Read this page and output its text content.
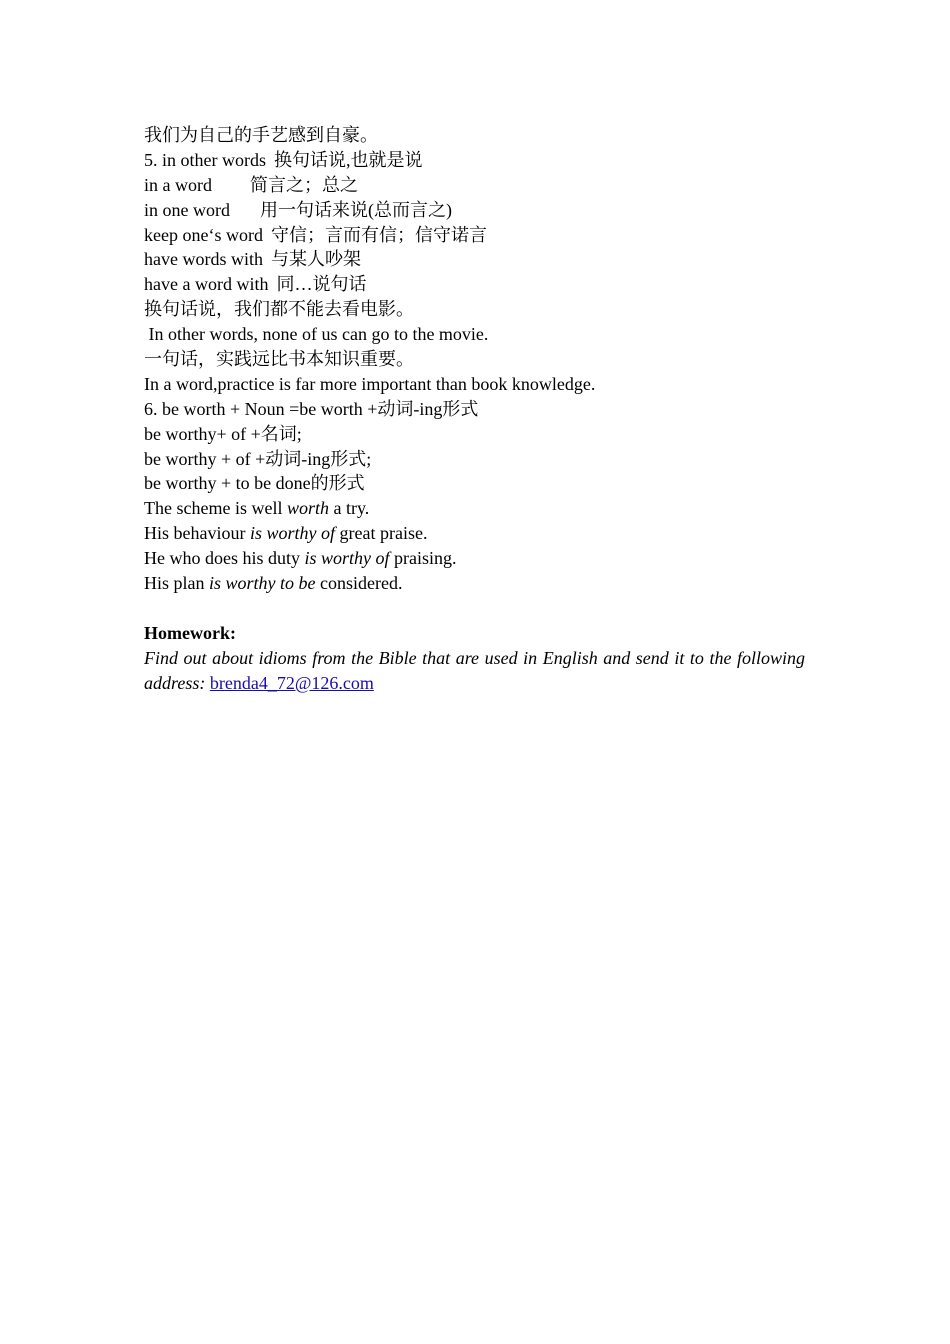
我们为自己的手艺感到自豪。
5. in other words 换句话说,也就是说
in a word 简言之；总之
in one word 用一句话来说(总而言之)
keep one‘s word 守信；言而有信；信守诺言
have words with 与某人吵架
have a word with 同…说句话
换句话说，我们都不能去看电影。
In other words, none of us can go to the movie.
一句话，实践远比书本知识重要。
In a word,practice is far more important than book knowledge.
6. be worth + Noun =be worth +动词-ing形式
be worthy+ of +名词;
be worthy + of +动词-ing形式;
be worthy + to be done的形式
The scheme is well worth a try.
His behaviour is worthy of great praise.
He who does his duty is worthy of praising.
His plan is worthy to be considered.
Homework:
Find out about idioms from the Bible that are used in English and send it to the following address: brenda4_72@126.com
